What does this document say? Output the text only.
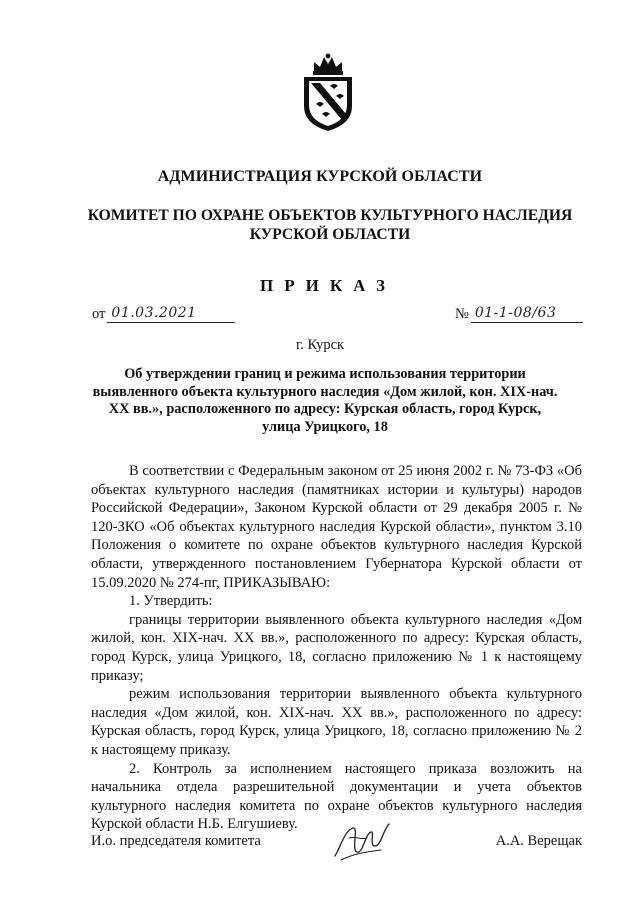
АДМИНИСТРАЦИЯ КУРСКОЙ ОБЛАСТИ
КОМИТЕТ ПО ОХРАНЕ ОБЪЕКТОВ КУЛЬТУРНОГО НАСЛЕДИЯ КУРСКОЙ ОБЛАСТИ
ПРИКАЗ
от 01.03.2021	№ 01-1-08/63
г. Курск
Об утверждении границ и режима использования территории выявленного объекта культурного наследия «Дом жилой, кон. XIX-нач. XX вв.», расположенного по адресу: Курская область, город Курск, улица Урицкого, 18

В соответствии с Федеральным законом от 25 июня 2002 г. № 73-ФЗ «Об объектах культурного наследия (памятниках истории и культуры) народов Российской Федерации», Законом Курской области от 29 декабря 2005 г. № 120-ЗКО «Об объектах культурного наследия Курской области», пунктом 3.10 Положения о комитете по охране объектов культурного наследия Курской области, утвержденного постановлением Губернатора Курской области от 15.09.2020 № 274-пг, ПРИКАЗЫВАЮ:

1. Утвердить:

границы территории выявленного объекта культурного наследия «Дом жилой, кон. XIX-нач. XX вв.», расположенного по адресу: Курская область, город Курск, улица Урицкого, 18, согласно приложению № 1 к настоящему приказу;

режим использования территории выявленного объекта культурного наследия «Дом жилой, кон. XIX-нач. XX вв.», расположенного по адресу: Курская область, город Курск, улица Урицкого, 18, согласно приложению № 2 к настоящему приказу.

2. Контроль за исполнением настоящего приказа возложить на начальника отдела разрешительной документации и учета объектов культурного наследия комитета по охране объектов культурного наследия Курской области Н.Б. Елгушиеву.

И.о. председателя комитета	А.А. Верещак
